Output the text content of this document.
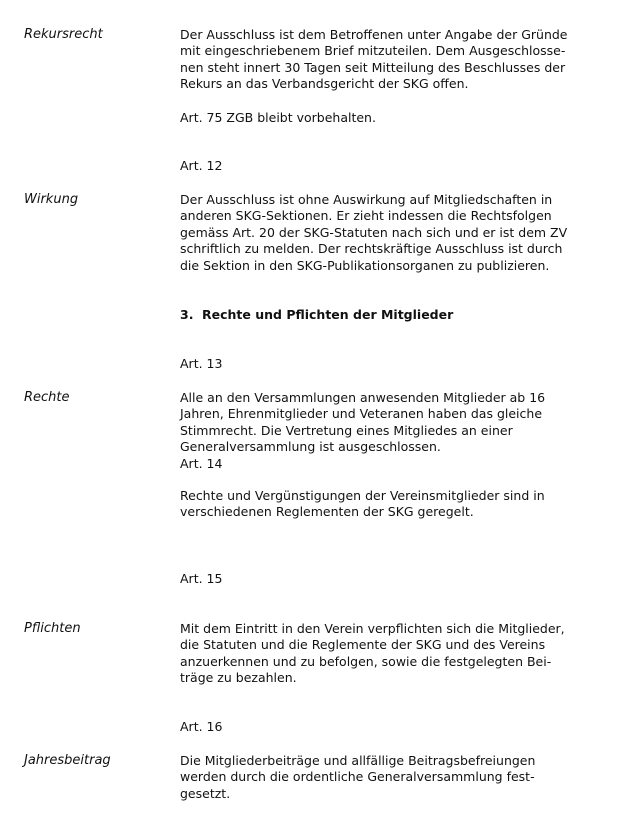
Rekursrecht	Der Ausschluss ist dem Betroffenen unter Angabe der Gründe
mit eingeschriebenem Brief mitzuteilen. Dem Ausgeschlosse-
nen steht innert 30 Tagen seit Mitteilung des Beschlusses der
Rekurs an das Verbandsgericht der SKG offen.
Art. 75 ZGB bleibt vorbehalten.
Art. 12
Wirkung	Der Ausschluss ist ohne Auswirkung auf Mitgliedschaften in
anderen SKG-Sektionen. Er zieht indessen die Rechtsfolgen
gemäss Art. 20 der SKG-Statuten nach sich und er ist dem ZV
schriftlich zu melden. Der rechtskräftige Ausschluss ist durch
die Sektion in den SKG-Publikationsorganen zu publizieren.
3. Rechte und Pflichten der Mitglieder
Art. 13
Rechte	Alle an den Versammlungen anwesenden Mitglieder ab 16
Jahren, Ehrenmitglieder und Veteranen haben das gleiche
Stimmrecht. Die Vertretung eines Mitgliedes an einer
Generalversammlung ist ausgeschlossen.
Art. 14
Rechte und Vergünstigungen der Vereinsmitglieder sind in
verschiedenen Reglementen der SKG geregelt.
Art. 15
Pflichten	Mit dem Eintritt in den Verein verpflichten sich die Mitglieder,
die Statuten und die Reglemente der SKG und des Vereins
anzuerkennen und zu befolgen, sowie die festgelegten Bei-
träge zu bezahlen.
Art. 16
Jahresbeitrag	Die Mitgliederbeiträge und allfällige Beitragsbefreiungen
werden durch die ordentliche Generalversammlung fest-
gesetzt.
